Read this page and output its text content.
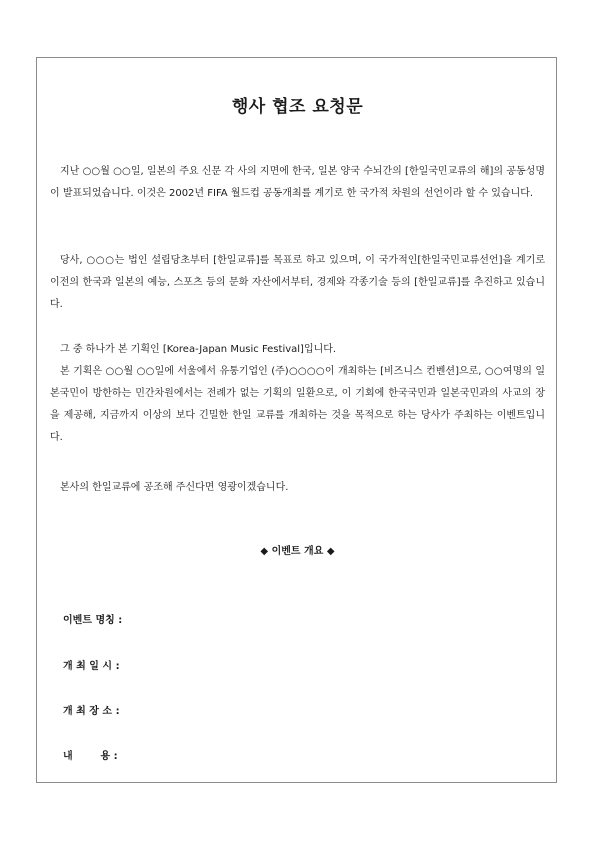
행사 협조 요청문

지난 ○○월 ○○일, 일본의 주요 신문 각 사의 지면에 한국, 일본 양국 수뇌간의 [한일국민교류의 해]의 공동성명이 발표되었습니다. 이것은 2002년 FIFA 월드컵 공동개최를 계기로 한 국가적 차원의 선언이라 할 수 있습니다.

당사, ○○○는 법인 설립당초부터 [한일교류]를 목표로 하고 있으며, 이 국가적인[한일국민교류선언]을 계기로 이전의 한국과 일본의 예능, 스포츠 등의 문화 자산에서부터, 경제와 각종기술 등의 [한일교류]를 추진하고 있습니다.

그 중 하나가 본 기획인 [Korea-Japan Music Festival]입니다.

본 기획은 ○○월 ○○일에 서울에서 유통기업인 (주)○○○○이 개최하는 [비즈니스 컨벤션]으로, ○○여명의 일본국민이 방한하는 민간차원에서는 전례가 없는 기획의 일환으로, 이 기회에 한국국민과 일본국민과의 사교의 장을 제공해, 지금까지 이상의 보다 긴밀한 한일 교류를 개최하는 것을 목적으로 하는 당사가 주최하는 이벤트입니다.

본사의 한일교류에 공조해 주신다면 영광이겠습니다.

◆ 이벤트 개요 ◆
이벤트 명칭 :
개 최 일 시 :
개 최 장 소 :
내        용 :
